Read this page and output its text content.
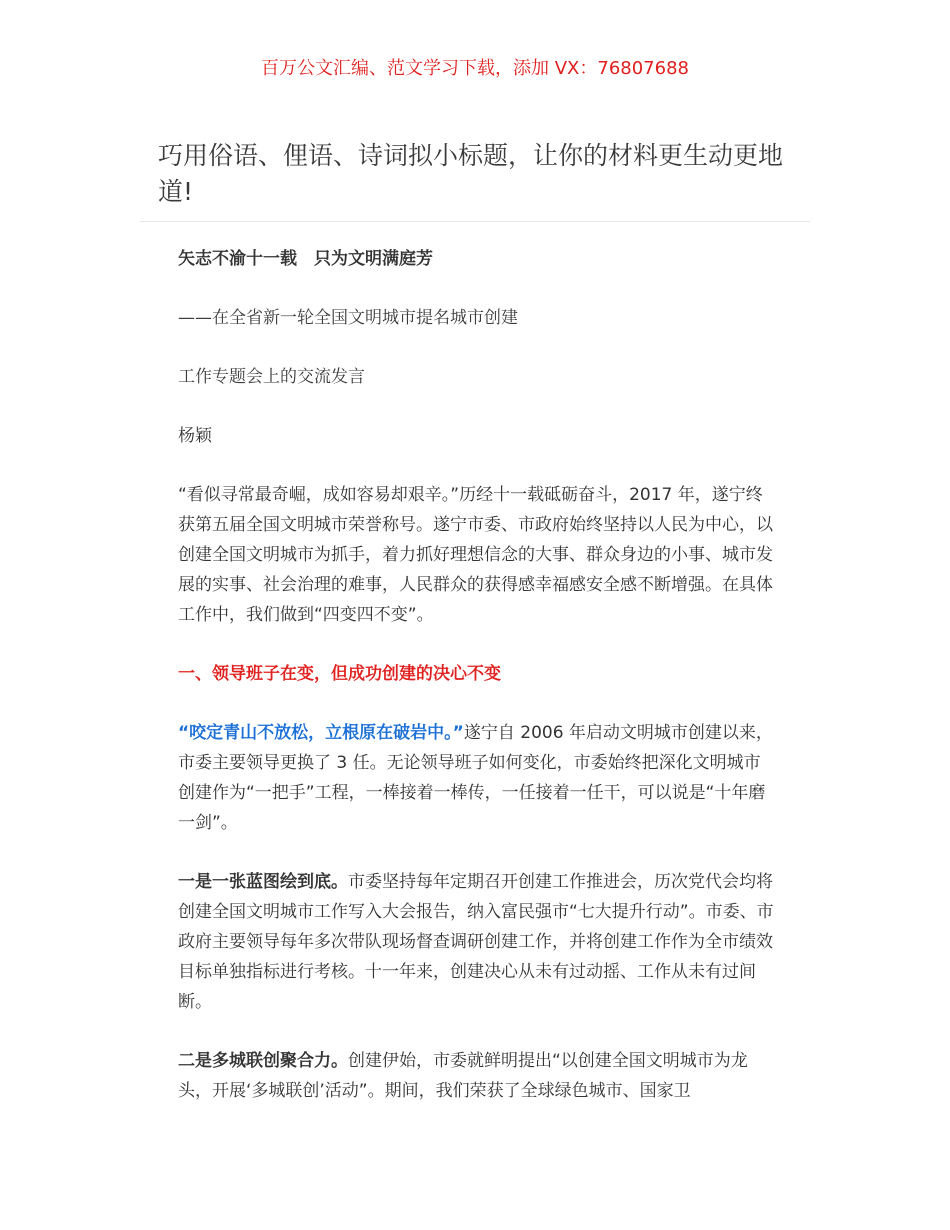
百万公文汇编、范文学习下载，添加 VX：76807688
巧用俗语、俚语、诗词拟小标题，让你的材料更生动更地道!

矢志不渝十一载　只为文明满庭芳

——在全省新一轮全国文明城市提名城市创建

工作专题会上的交流发言

杨颖

“看似寻常最奇崛，成如容易却艰辛。”历经十一载砥砺奋斗，2017 年，遂宁终获第五届全国文明城市荣誉称号。遂宁市委、市政府始终坚持以人民为中心，以创建全国文明城市为抓手，着力抓好理想信念的大事、群众身边的小事、城市发展的实事、社会治理的难事，人民群众的获得感幸福感安全感不断增强。在具体工作中，我们做到“四变四不变”。

一、领导班子在变，但成功创建的决心不变

“咬定青山不放松，立根原在破岩中。”遂宁自 2006 年启动文明城市创建以来，市委主要领导更换了 3 任。无论领导班子如何变化，市委始终把深化文明城市创建作为“一把手”工程，一棒接着一棒传，一任接着一任干，可以说是“十年磨一剑”。

一是一张蓝图绘到底。市委坚持每年定期召开创建工作推进会，历次党代会均将创建全国文明城市工作写入大会报告，纳入富民强市“七大提升行动”。市委、市政府主要领导每年多次带队现场督查调研创建工作，并将创建工作作为全市绩效目标单独指标进行考核。十一年来，创建决心从未有过动摇、工作从未有过间断。

二是多城联创聚合力。创建伊始，市委就鲜明提出“以创建全国文明城市为龙头，开展‘多城联创’活动”。期间，我们荣获了全球绿色城市、国家卫
